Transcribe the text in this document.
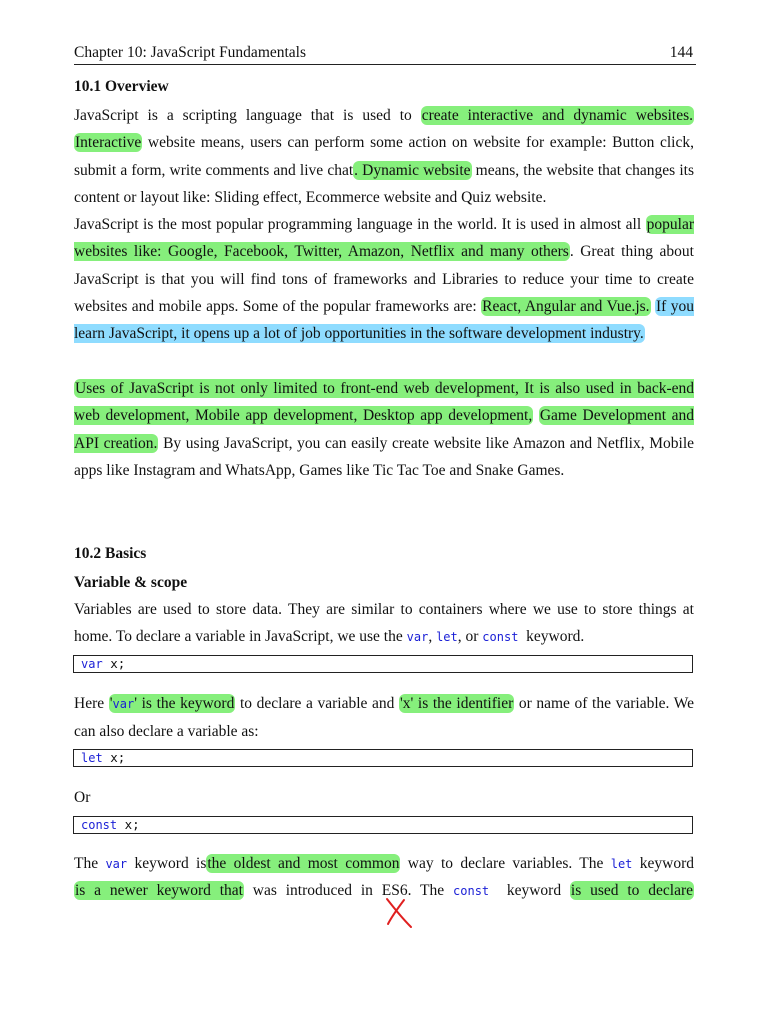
Chapter 10: JavaScript Fundamentals	144
10.1 Overview

JavaScript is a scripting language that is used to create interactive and dynamic websites. Interactive website means, users can perform some action on website for example: Button click, submit a form, write comments and live chat. Dynamic website means, the website that changes its content or layout like: Sliding effect, Ecommerce website and Quiz website.

JavaScript is the most popular programming language in the world. It is used in almost all popular websites like: Google, Facebook, Twitter, Amazon, Netflix and many others. Great thing about JavaScript is that you will find tons of frameworks and Libraries to reduce your time to create websites and mobile apps. Some of the popular frameworks are: React, Angular and Vue.js. If you learn JavaScript, it opens up a lot of job opportunities in the software development industry.

Uses of JavaScript is not only limited to front-end web development, It is also used in back-end web development, Mobile app development, Desktop app development, Game Development and API creation. By using JavaScript, you can easily create website like Amazon and Netflix, Mobile apps like Instagram and WhatsApp, Games like Tic Tac Toe and Snake Games.

10.2 Basics
Variable & scope

Variables are used to store data. They are similar to containers where we use to store things at home. To declare a variable in JavaScript, we use the var, let, or const  keyword.

var x;

Here 'var' is the keyword to declare a variable and 'x' is the identifier or name of the variable. We can also declare a variable as:

let x;

Or

const x;

The var keyword isthe oldest and most common way to declare variables. The let keyword

is a newer keyword that was introduced in ES6. The const  keyword is used to declare
